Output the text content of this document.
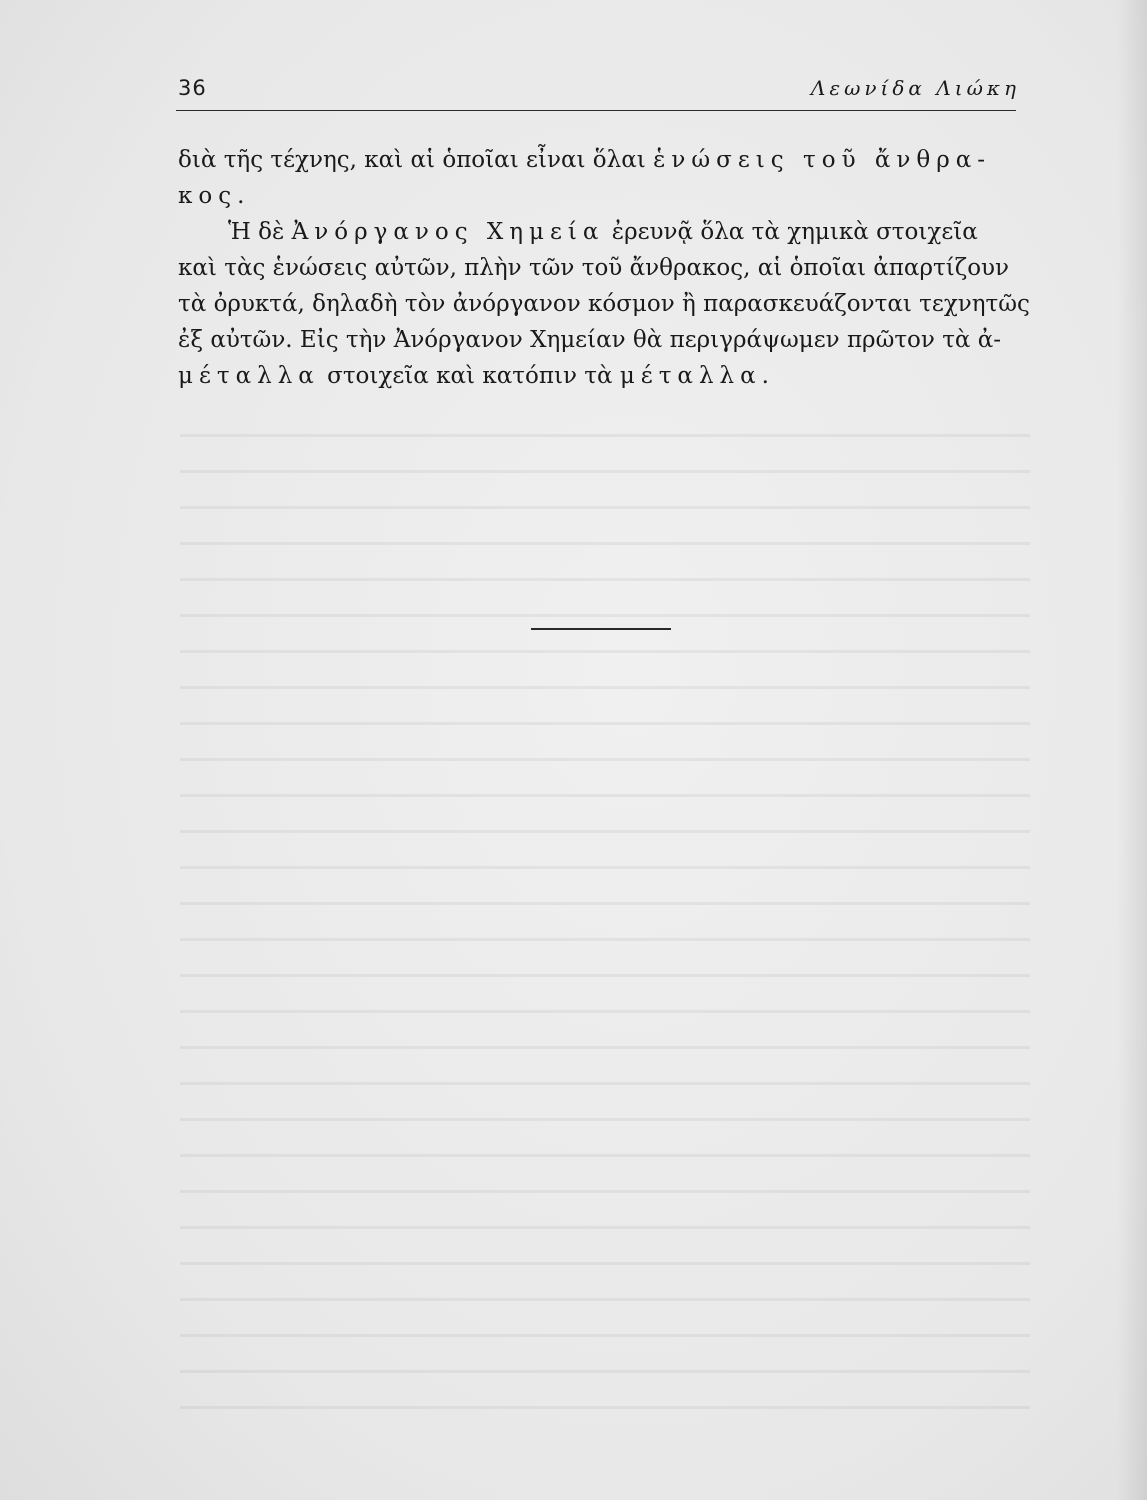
36	Λεωνίδα Λιώκη
διὰ τῆς τέχνης, καὶ αἱ ὁποῖαι εἶναι ὅλαι ἑνώσεις τοῦ ἄνθρα-
κος.
Ἡ δὲ Ἀνόργανος Χημεία ἐρευνᾷ ὅλα τὰ χημικὰ στοιχεῖα
καὶ τὰς ἑνώσεις αὐτῶν, πλὴν τῶν τοῦ ἄνθρακος, αἱ ὁποῖαι ἀπαρτίζουν
τὰ ὀρυκτά, δηλαδὴ τὸν ἀνόργανον κόσμον ἢ παρασκευάζονται τεχνητῶς
ἐξ αὐτῶν. Εἰς τὴν Ἀνόργανον Χημείαν θὰ περιγράψωμεν πρῶτον τὰ ἀ-
μέταλλα στοιχεῖα καὶ κατόπιν τὰ μέταλλα.
